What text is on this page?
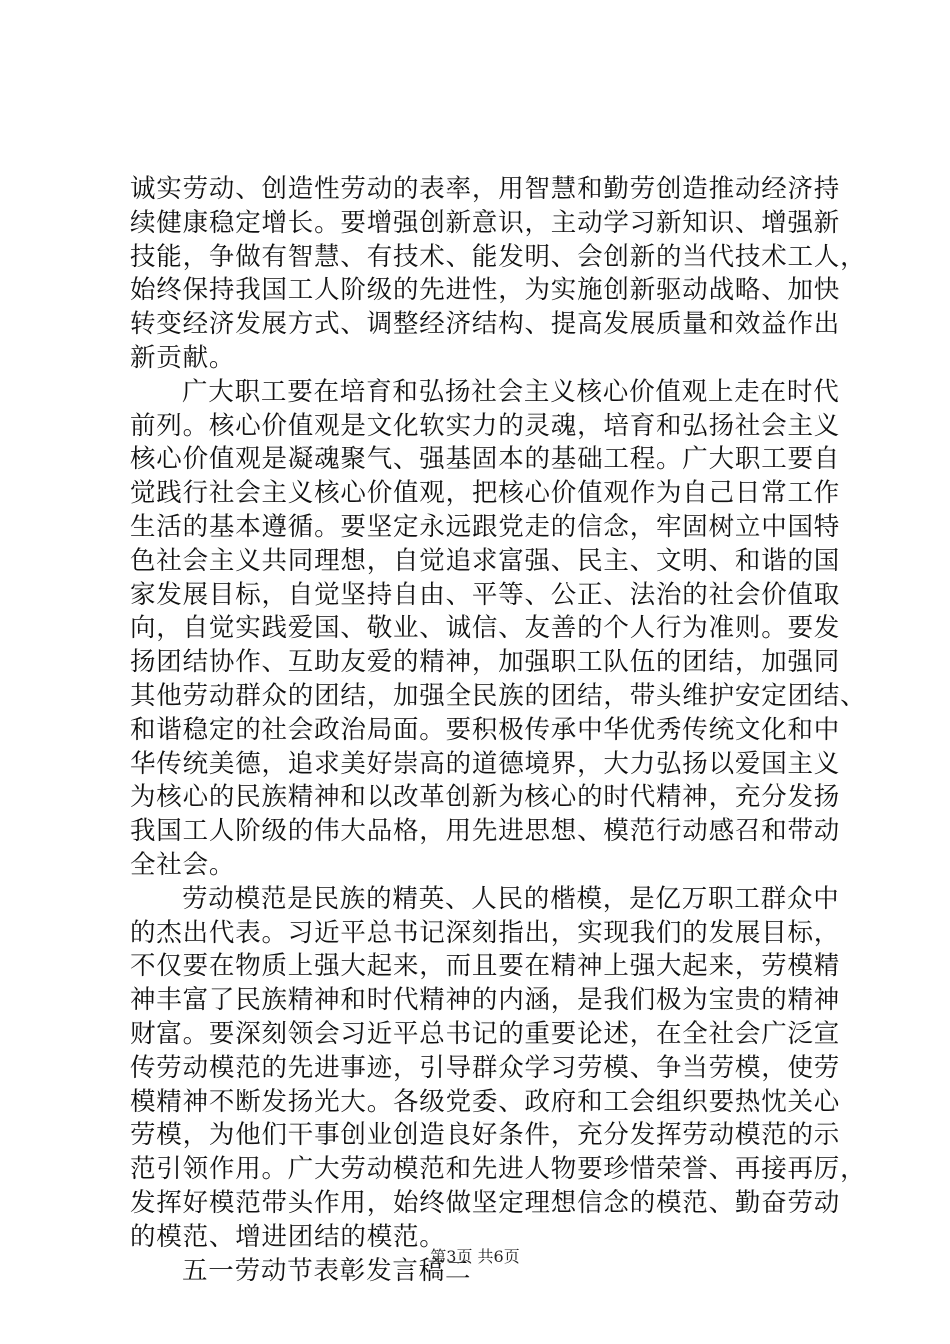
诚实劳动、创造性劳动的表率，用智慧和勤劳创造推动经济持
续健康稳定增长。要增强创新意识，主动学习新知识、增强新
技能，争做有智慧、有技术、能发明、会创新的当代技术工人，
始终保持我国工人阶级的先进性，为实施创新驱动战略、加快
转变经济发展方式、调整经济结构、提高发展质量和效益作出
新贡献。
广大职工要在培育和弘扬社会主义核心价值观上走在时代
前列。核心价值观是文化软实力的灵魂，培育和弘扬社会主义
核心价值观是凝魂聚气、强基固本的基础工程。广大职工要自
觉践行社会主义核心价值观，把核心价值观作为自己日常工作
生活的基本遵循。要坚定永远跟党走的信念，牢固树立中国特
色社会主义共同理想，自觉追求富强、民主、文明、和谐的国
家发展目标，自觉坚持自由、平等、公正、法治的社会价值取
向，自觉实践爱国、敬业、诚信、友善的个人行为准则。要发
扬团结协作、互助友爱的精神，加强职工队伍的团结，加强同
其他劳动群众的团结，加强全民族的团结，带头维护安定团结、
和谐稳定的社会政治局面。要积极传承中华优秀传统文化和中
华传统美德，追求美好崇高的道德境界，大力弘扬以爱国主义
为核心的民族精神和以改革创新为核心的时代精神，充分发扬
我国工人阶级的伟大品格，用先进思想、模范行动感召和带动
全社会。
劳动模范是民族的精英、人民的楷模，是亿万职工群众中
的杰出代表。习近平总书记深刻指出，实现我们的发展目标，
不仅要在物质上强大起来，而且要在精神上强大起来，劳模精
神丰富了民族精神和时代精神的内涵，是我们极为宝贵的精神
财富。要深刻领会习近平总书记的重要论述，在全社会广泛宣
传劳动模范的先进事迹，引导群众学习劳模、争当劳模，使劳
模精神不断发扬光大。各级党委、政府和工会组织要热忱关心
劳模，为他们干事创业创造良好条件，充分发挥劳动模范的示
范引领作用。广大劳动模范和先进人物要珍惜荣誉、再接再厉，
发挥好模范带头作用，始终做坚定理想信念的模范、勤奋劳动
的模范、增进团结的模范。
五一劳动节表彰发言稿二
第3页 共6页
